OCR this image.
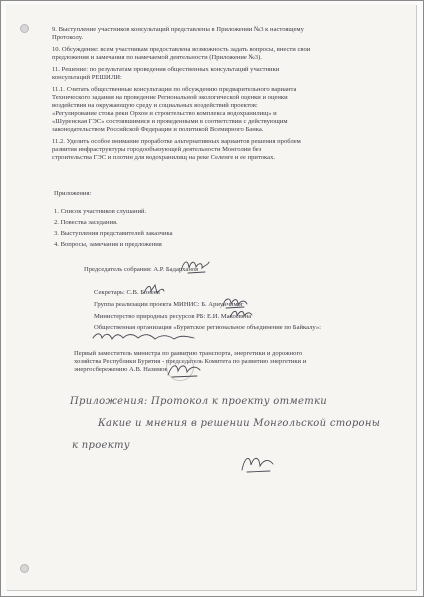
9. Выступление участников консультаций представлены в Приложении №3 к настоящему
Протоколу.
10. Обсуждение: всем участникам предоставлена возможность задать вопросы, внести свои
предложения и замечания по намечаемой деятельности (Приложение №3).
11. Решение: по результатам проведения общественных консультаций участники
консультаций РЕШИЛИ:
11.1. Считать общественные консультации по обсуждению предварительного варианта
Технического задания на проведение Региональной экологической оценки и оценки
воздействия на окружающую среду и социальных воздействий проектов:
«Регулирование стока реки Орхон и строительство комплекса водохранилищ» и
«Шуренская ГЭС» состоявшимися и проведенными в соответствии с действующим
законодательством Российской Федерации и политикой Всемирного Банка.
11.2. Уделить особое внимание проработке альтернативных вариантов решения проблем
развития инфраструктуры городообъязующей деятельности Монголии без
строительства ГЭС и плотин для водохранилищ на реке Селенге и ее притоках.
Приложения:
1. Список участников слушаний.
2. Повестка заседания.
3. Выступления представителей заказчика
4. Вопросы, замечания и предложения
Председатель собрания: А.Р. Бадарханов
Секретарь: С.В. Бонеев
Группа реализации проекта МИНИС: Б. Ариунчимэг
Министерство природных ресурсов РБ: Е.И. Макоевена
Общественная организация «Бурятское региональное объединение по Байкалу»:
Первый заместитель министра по развитию транспорта, энергетики и дорожного
хозяйства Республики Бурятия - председатель Комитета по развитию энергетики и
энергосбережению А.В. Назимов
Приложения: Протокол к проекту отметки
Какие и мнения в решении Монгольской стороны
к проекту
